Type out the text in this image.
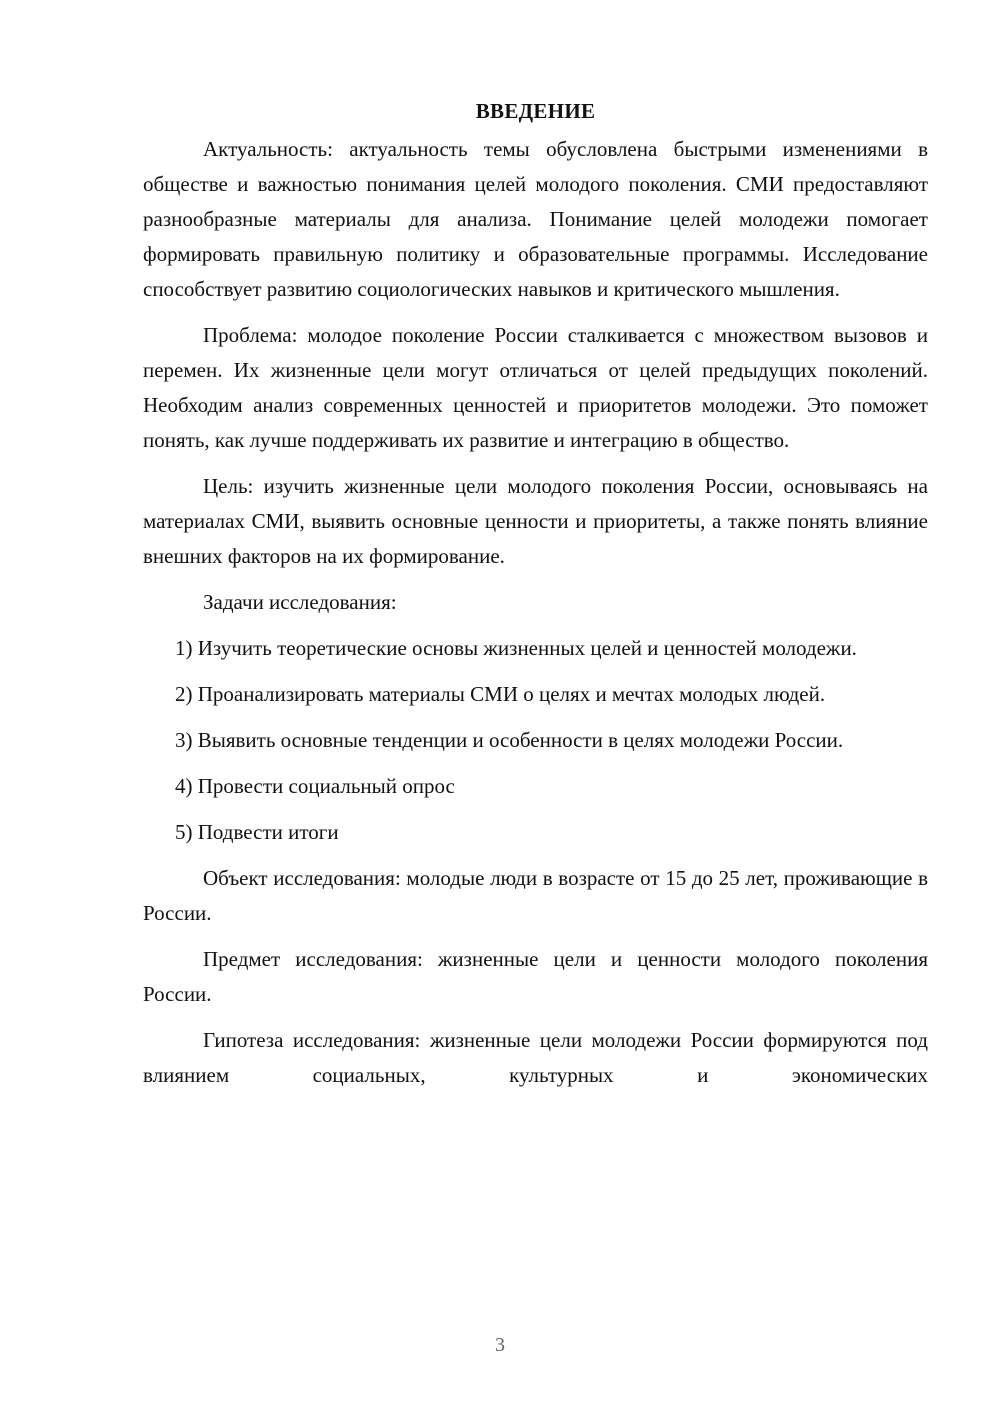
ВВЕДЕНИЕ

Актуальность: актуальность темы обусловлена быстрыми изменениями в обществе и важностью понимания целей молодого поколения. СМИ предоставляют разнообразные материалы для анализа. Понимание целей молодежи помогает формировать правильную политику и образовательные программы. Исследование способствует развитию социологических навыков и критического мышления.

Проблема: молодое поколение России сталкивается с множеством вызовов и перемен. Их жизненные цели могут отличаться от целей предыдущих поколений. Необходим анализ современных ценностей и приоритетов молодежи. Это поможет понять, как лучше поддерживать их развитие и интеграцию в общество.

Цель: изучить жизненные цели молодого поколения России, основываясь на материалах СМИ, выявить основные ценности и приоритеты, а также понять влияние внешних факторов на их формирование.

Задачи исследования:

1) Изучить теоретические основы жизненных целей и ценностей молодежи.

2) Проанализировать материалы СМИ о целях и мечтах молодых людей.

3) Выявить основные тенденции и особенности в целях молодежи России.

4) Провести социальный опрос

5) Подвести итоги

Объект исследования: молодые люди в возрасте от 15 до 25 лет, проживающие в России.

Предмет исследования: жизненные цели и ценности молодого поколения России.

Гипотеза исследования: жизненные цели молодежи России формируются под влиянием социальных, культурных и экономических

3
